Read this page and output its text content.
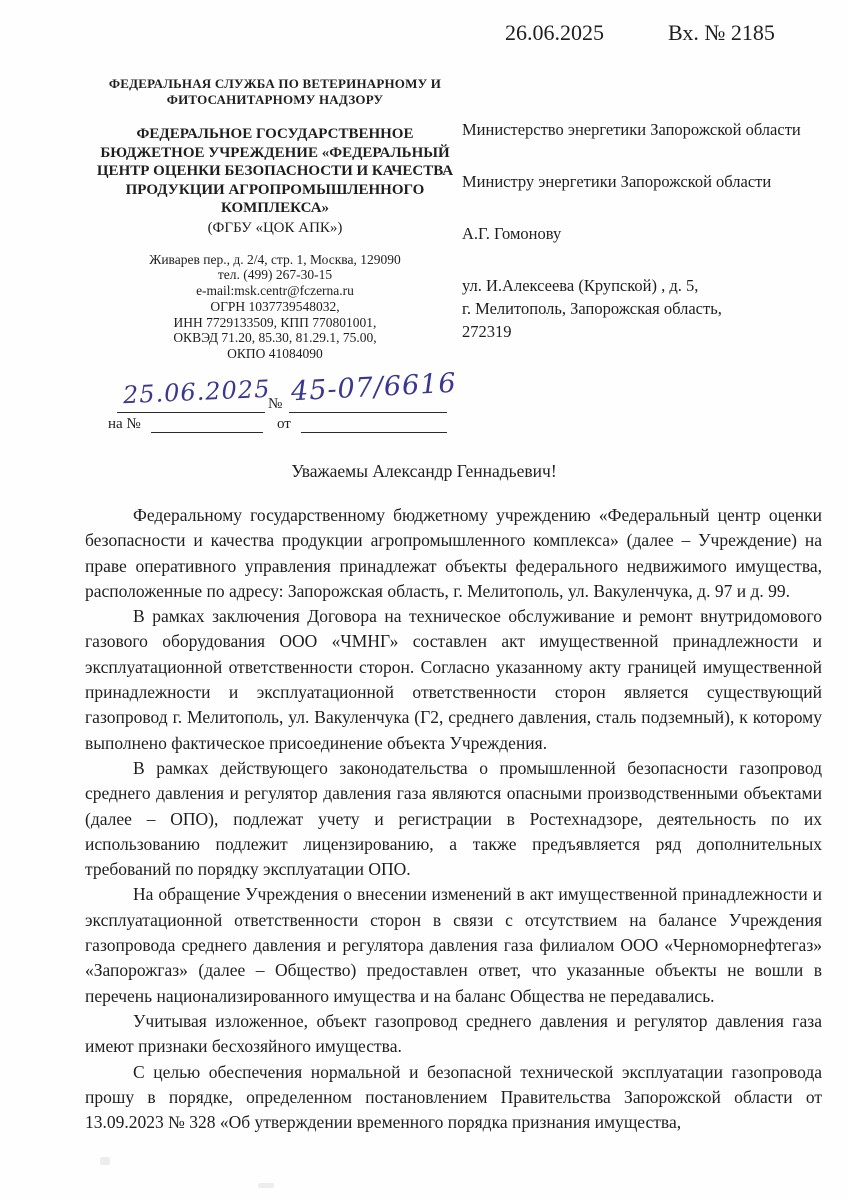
26.06.2025	Вх. № 2185
ФЕДЕРАЛЬНАЯ СЛУЖБА ПО ВЕТЕРИНАРНОМУ И ФИТОСАНИТАРНОМУ НАДЗОРУ
ФЕДЕРАЛЬНОЕ ГОСУДАРСТВЕННОЕ БЮДЖЕТНОЕ УЧРЕЖДЕНИЕ «ФЕДЕРАЛЬНЫЙ ЦЕНТР ОЦЕНКИ БЕЗОПАСНОСТИ И КАЧЕСТВА ПРОДУКЦИИ АГРОПРОМЫШЛЕННОГО КОМПЛЕКСА»
(ФГБУ «ЦОК АПК»)
Живарев пер., д. 2/4, стр. 1, Москва, 129090
тел. (499) 267-30-15
e-mail:msk.centr@fczerna.ru
ОГРН 1037739548032,
ИНН 7729133509, КПП 770801001,
ОКВЭД 71.20, 85.30, 81.29.1, 75.00,
ОКПО 41084090
25.06.2025
№ 45-07/6616
на №	от
Министерство энергетики Запорожской области
Министру энергетики Запорожской области
А.Г. Гомонову
ул. И.Алексеева (Крупской) , д. 5,
г. Мелитополь, Запорожская область,
272319
Уважаемы Александр Геннадьевич!

Федеральному государственному бюджетному учреждению «Федеральный центр оценки безопасности и качества продукции агропромышленного комплекса» (далее – Учреждение) на праве оперативного управления принадлежат объекты федерального недвижимого имущества, расположенные по адресу: Запорожская область, г. Мелитополь, ул. Вакуленчука, д. 97 и д. 99.

В рамках заключения Договора на техническое обслуживание и ремонт внутридомового газового оборудования ООО «ЧМНГ» составлен акт имущественной принадлежности и эксплуатационной ответственности сторон. Согласно указанному акту границей имущественной принадлежности и эксплуатационной ответственности сторон является существующий газопровод г. Мелитополь, ул. Вакуленчука (Г2, среднего давления, сталь подземный), к которому выполнено фактическое присоединение объекта Учреждения.

В рамках действующего законодательства о промышленной безопасности газопровод среднего давления и регулятор давления газа являются опасными производственными объектами (далее – ОПО), подлежат учету и регистрации в Ростехнадзоре, деятельность по их использованию подлежит лицензированию, а также предъявляется ряд дополнительных требований по порядку эксплуатации ОПО.

На обращение Учреждения о внесении изменений в акт имущественной принадлежности и эксплуатационной ответственности сторон в связи с отсутствием на балансе Учреждения газопровода среднего давления и регулятора давления газа филиалом ООО «Черноморнефтегаз» «Запорожгаз» (далее – Общество) предоставлен ответ, что указанные объекты не вошли в перечень национализированного имущества и на баланс Общества не передавались.

Учитывая изложенное, объект газопровод среднего давления и регулятор давления газа имеют признаки бесхозяйного имущества.

С целью обеспечения нормальной и безопасной технической эксплуатации газопровода прошу в порядке, определенном постановлением Правительства Запорожской области от 13.09.2023 № 328 «Об утверждении временного порядка признания имущества,
